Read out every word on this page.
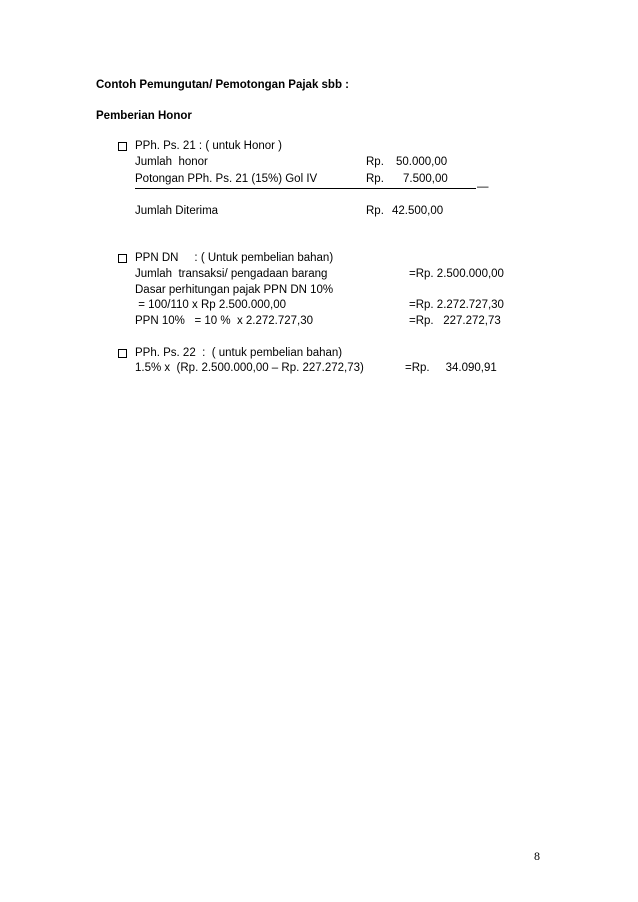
Contoh Pemungutan/ Pemotongan Pajak sbb :
Pemberian Honor
PPh. Ps. 21 : ( untuk Honor )
Jumlah  honor	Rp. 50.000,00
Potongan PPh. Ps. 21 (15%) Gol IV	Rp. 7.500,00
—
Jumlah Diterima	Rp. 42.500,00
PPN DN     : ( Untuk pembelian bahan)
Jumlah  transaksi/ pengadaan barang	=Rp. 2.500.000,00
Dasar perhitungan pajak PPN DN 10%
= 100/110 x Rp 2.500.000,00	=Rp. 2.272.727,30
PPN 10%   = 10 %  x 2.272.727,30	=Rp.   227.272,73
PPh. Ps. 22  :  ( untuk pembelian bahan)
1.5% x  (Rp. 2.500.000,00 – Rp. 227.272,73)	=Rp.     34.090,91
8
